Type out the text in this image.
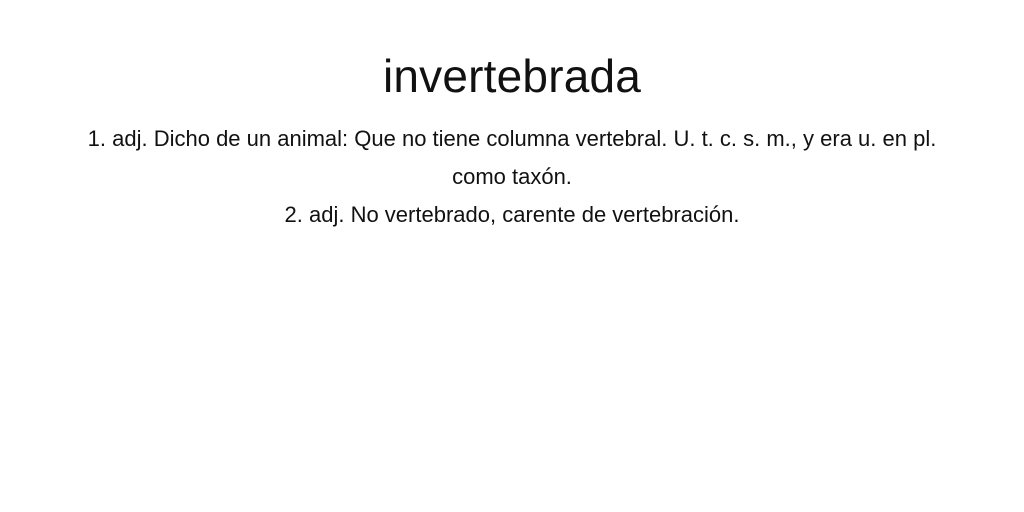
invertebrada

1. adj. Dicho de un animal: Que no tiene columna vertebral. U. t. c. s. m., y era u. en pl. como taxón.

2. adj. No vertebrado, carente de vertebración.
